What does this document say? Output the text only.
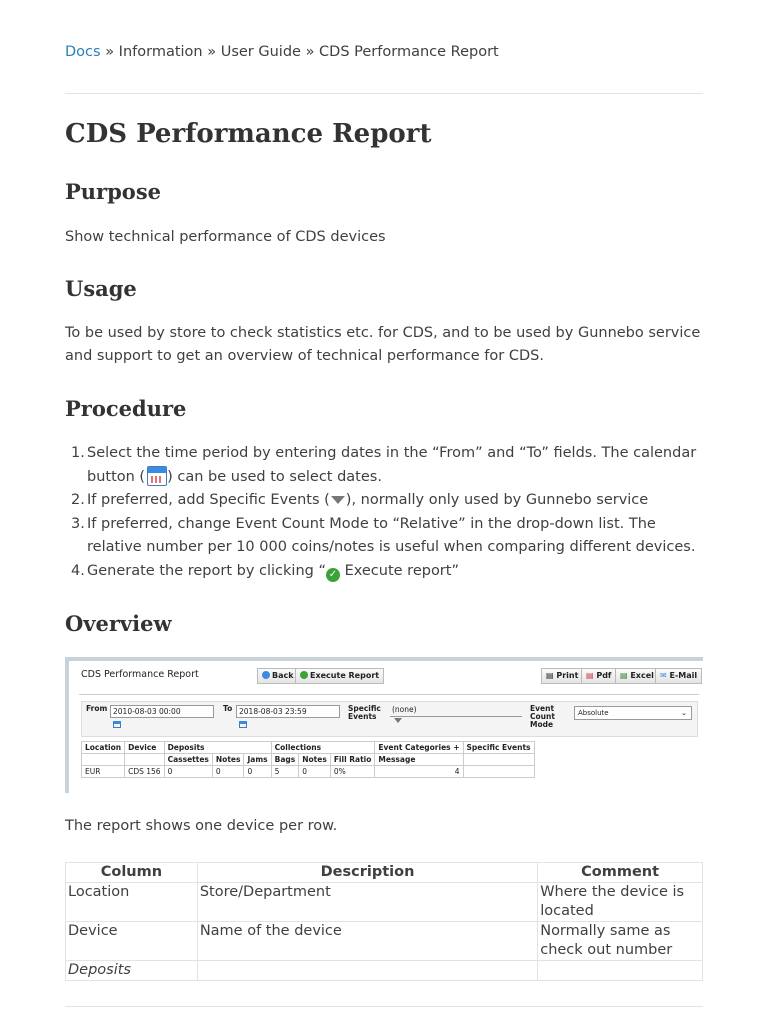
Docs » Information » User Guide » CDS Performance Report
CDS Performance Report
Purpose

Show technical performance of CDS devices

Usage

To be used by store to check statistics etc. for CDS, and to be used by Gunnebo service and support to get an overview of technical performance for CDS.

Procedure
1. Select the time period by entering dates in the “From” and “To” fields. The calendar button ( ) can be used to select dates.
2. If preferred, add Specific Events ( ), normally only used by Gunnebo service
3. If preferred, change Event Count Mode to “Relative” in the drop-down list. The relative number per 10 000 coins/notes is useful when comparing different devices.
4. Generate the report by clicking “ ✓ Execute report”
Overview
CDS Performance Report	Back	Execute Report	▤ Print ▤ Pdf	▤ Excel ✉ E-Mail
From 2010-08-03 00:00	To 2018-08-03 23:59	Specific
Events
(none)	Event
Count
Mode
Absolute	⌄
Location	Device	Deposits			Collections			Event Categories +	Specific Events
		Cassettes	Notes	Jams	Bags	Notes	Fill Ratio	Message	
EUR	CDS 156	0	0	0	5	0	0%	4	

The report shows one device per row.

Column	Description	Comment
Location	Store/Department	Where the device is located
Device	Name of the device	Normally same as check out number
Deposits		
